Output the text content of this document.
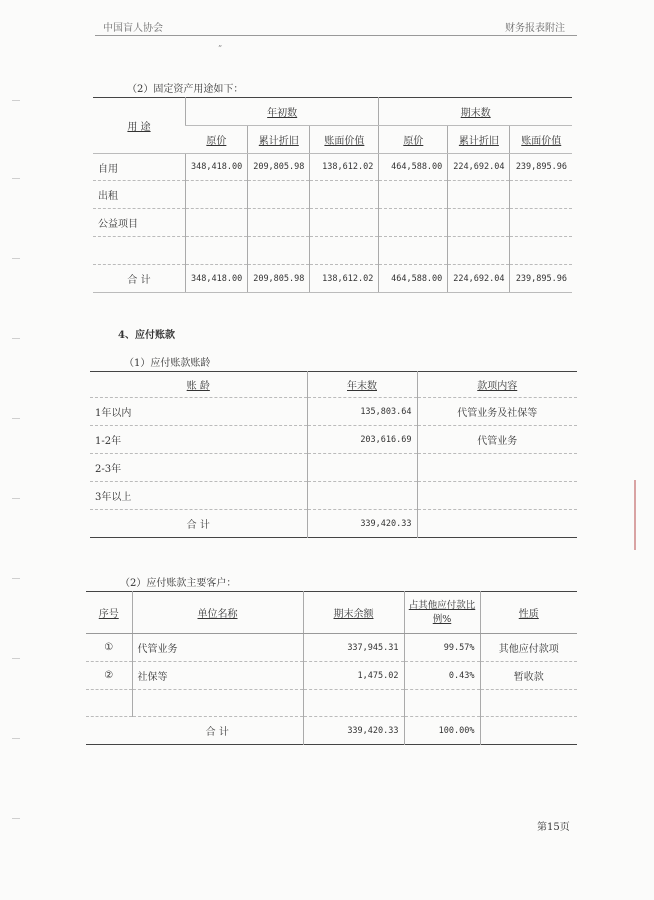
中国盲人协会	财务报表附注
”
（2）固定资产用途如下：
用 途	年初数			期末数		
	原价	累计折旧	账面价值	原价	累计折旧	账面价值
自用	348,418.00	209,805.98	138,612.02	464,588.00	224,692.04	239,895.96
出租						
公益项目						

合 计	348,418.00	209,805.98	138,612.02	464,588.00	224,692.04	239,895.96
4、应付账款
（1）应付账款账龄
账 龄	年末数	款项内容
1年以内	135,803.64	代管业务及社保等
1-2年	203,616.69	代管业务
2-3年		
3年以上		
合 计	339,420.33	
（2）应付账款主要客户：
序号	单位名称	期末余额	占其他应付款比例%	性质
①	代管业务	337,945.31	99.57%	其他应付款项
②	社保等	1,475.02	0.43%	暂收款

	合 计	339,420.33	100.00%	
第15页
